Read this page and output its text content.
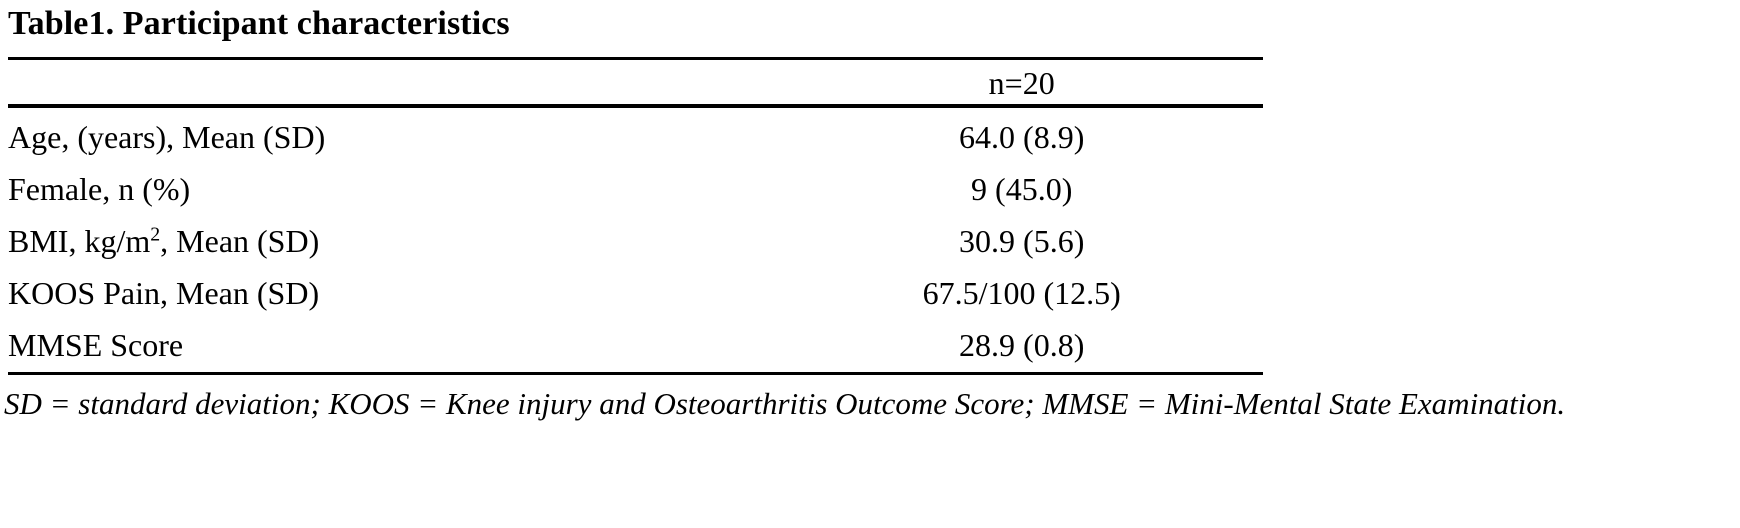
Table1. Participant characteristics

	n=20

Age, (years), Mean (SD)	64.0 (8.9)
Female, n (%)	9 (45.0)
BMI, $kg/m^2$, Mean (SD)	30.9 (5.6)
KOOS Pain, Mean (SD)	67.5/100 (12.5)
MMSE Score	28.9 (0.8)

SD = standard deviation; KOOS = Knee injury and Osteoarthritis Outcome Score; MMSE = Mini-Mental State Examination.
